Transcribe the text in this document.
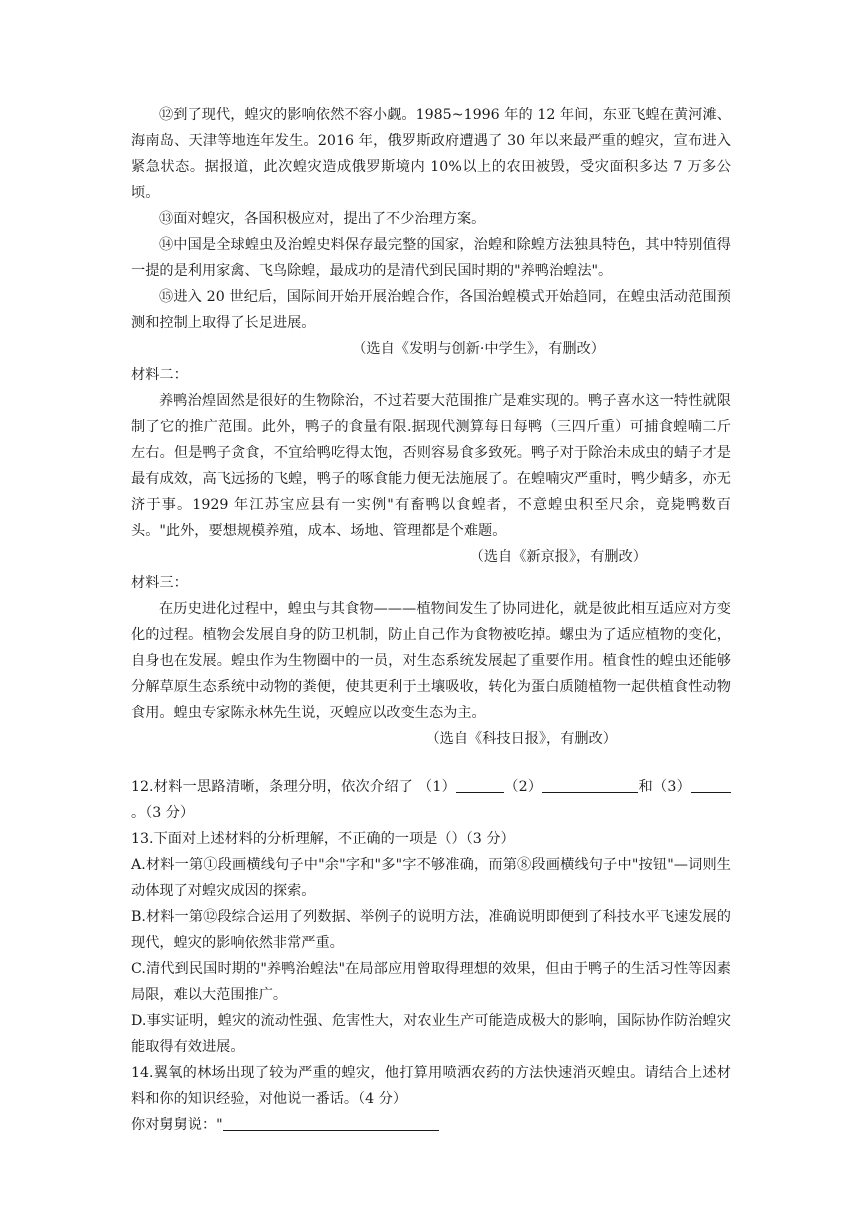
⑫到了现代，蝗灾的影响依然不容小觑。1985~1996 年的 12 年间，东亚飞蝗在黄河滩、海南岛、天津等地连年发生。2016 年，俄罗斯政府遭遇了 30 年以来最严重的蝗灾，宣布进入紧急状态。据报道，此次蝗灾造成俄罗斯境内 10%以上的农田被毁，受灾面积多达 7 万多公顷。

⑬面对蝗灾，各国积极应对，提出了不少治理方案。

⑭中国是全球蝗虫及治蝗史料保存最完整的国家，治蝗和除蝗方法独具特色，其中特别值得一提的是利用家禽、飞鸟除蝗，最成功的是清代到民国时期的"养鸭治蝗法"。

⑮进入 20 世纪后，国际间开始开展治蝗合作，各国治蝗模式开始趋同，在蝗虫活动范围预测和控制上取得了长足进展。

（选自《发明与创新·中学生》，有删改）

材料二：

养鸭治煌固然是很好的生物除治，不过若要大范围推广是难实现的。鸭子喜水这一特性就限制了它的推广范围。此外，鸭子的食量有限.据现代测算每日每鸭（三四斤重）可捕食蝗喃二斤左右。但是鸭子贪食，不宜给鸭吃得太饱，否则容易食多致死。鸭子对于除治未成虫的蜻子才是最有成效，高飞远扬的飞蝗，鸭子的啄食能力便无法施展了。在蝗喃灾严重时，鸭少蜻多，亦无济于事。1929 年江苏宝应县有一实例"有畜鸭以食蝗者，不意蝗虫积至尺余，竟毙鸭数百头。"此外，要想规模养殖，成本、场地、管理都是个难题。

（选自《新京报》，有删改）

材料三：

在历史进化过程中，蝗虫与其食物———植物间发生了协同进化，就是彼此相互适应对方变化的过程。植物会发展自身的防卫机制，防止自己作为食物被吃掉。螺虫为了适应植物的变化，自身也在发展。蝗虫作为生物圈中的一员，对生态系统发展起了重要作用。植食性的蝗虫还能够分解草原生态系统中动物的粪便，使其更利于土壤吸收，转化为蛋白质随植物一起供植食性动物食用。蝗虫专家陈永林先生说，灭蝗应以改变生态为主。

（选自《科技日报》，有删改）

12.材料一思路清晰，条理分明，依次介绍了 （1）	（2）	和（3）。（3 分）

13.下面对上述材料的分析理解，不正确的一项是（）（3 分）

A.材料一第①段画横线句子中"余"字和"多"字不够准确，而第⑧段画横线句子中"按钮"—词则生动体现了对蝗灾成因的探索。

B.材料一第⑫段综合运用了列数据、举例子的说明方法，准确说明即便到了科技水平飞速发展的现代，蝗灾的影响依然非常严重。

C.清代到民国时期的"养鸭治蝗法"在局部应用曾取得理想的效果，但由于鸭子的生活习性等因素局限，难以大范围推广。

D.事实证明，蝗灾的流动性强、危害性大，对农业生产可能造成极大的影响，国际协作防治蝗灾能取得有效进展。

14.翼氧的林场出现了较为严重的蝗灾，他打算用喷洒农药的方法快速消灭蝗虫。请结合上述材料和你的知识经验，对他说一番话。（4 分）

你对舅舅说："
